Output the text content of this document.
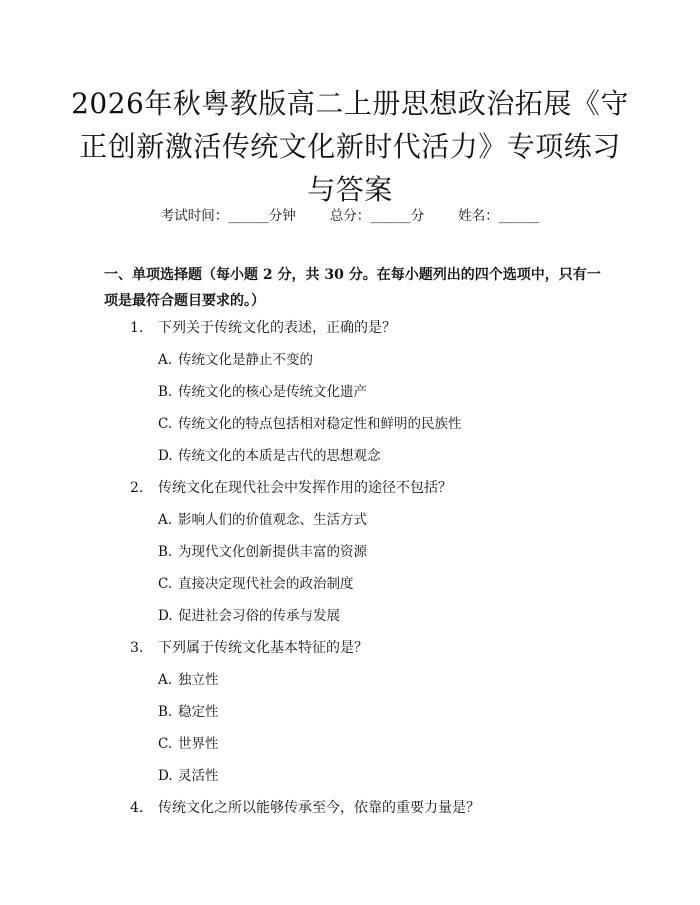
2026年秋粤教版高二上册思想政治拓展《守正创新激活传统文化新时代活力》专项练习与答案
考试时间：______分钟	总分：______分	姓名：______
一、单项选择题（每小题 2 分，共 30 分。在每小题列出的四个选项中，只有一项是最符合题目要求的。）
1. 下列关于传统文化的表述，正确的是？
A. 传统文化是静止不变的
B. 传统文化的核心是传统文化遗产
C. 传统文化的特点包括相对稳定性和鲜明的民族性
D. 传统文化的本质是古代的思想观念
2. 传统文化在现代社会中发挥作用的途径不包括？
A. 影响人们的价值观念、生活方式
B. 为现代文化创新提供丰富的资源
C. 直接决定现代社会的政治制度
D. 促进社会习俗的传承与发展
3. 下列属于传统文化基本特征的是？
A. 独立性
B. 稳定性
C. 世界性
D. 灵活性
4. 传统文化之所以能够传承至今，依靠的重要力量是？
